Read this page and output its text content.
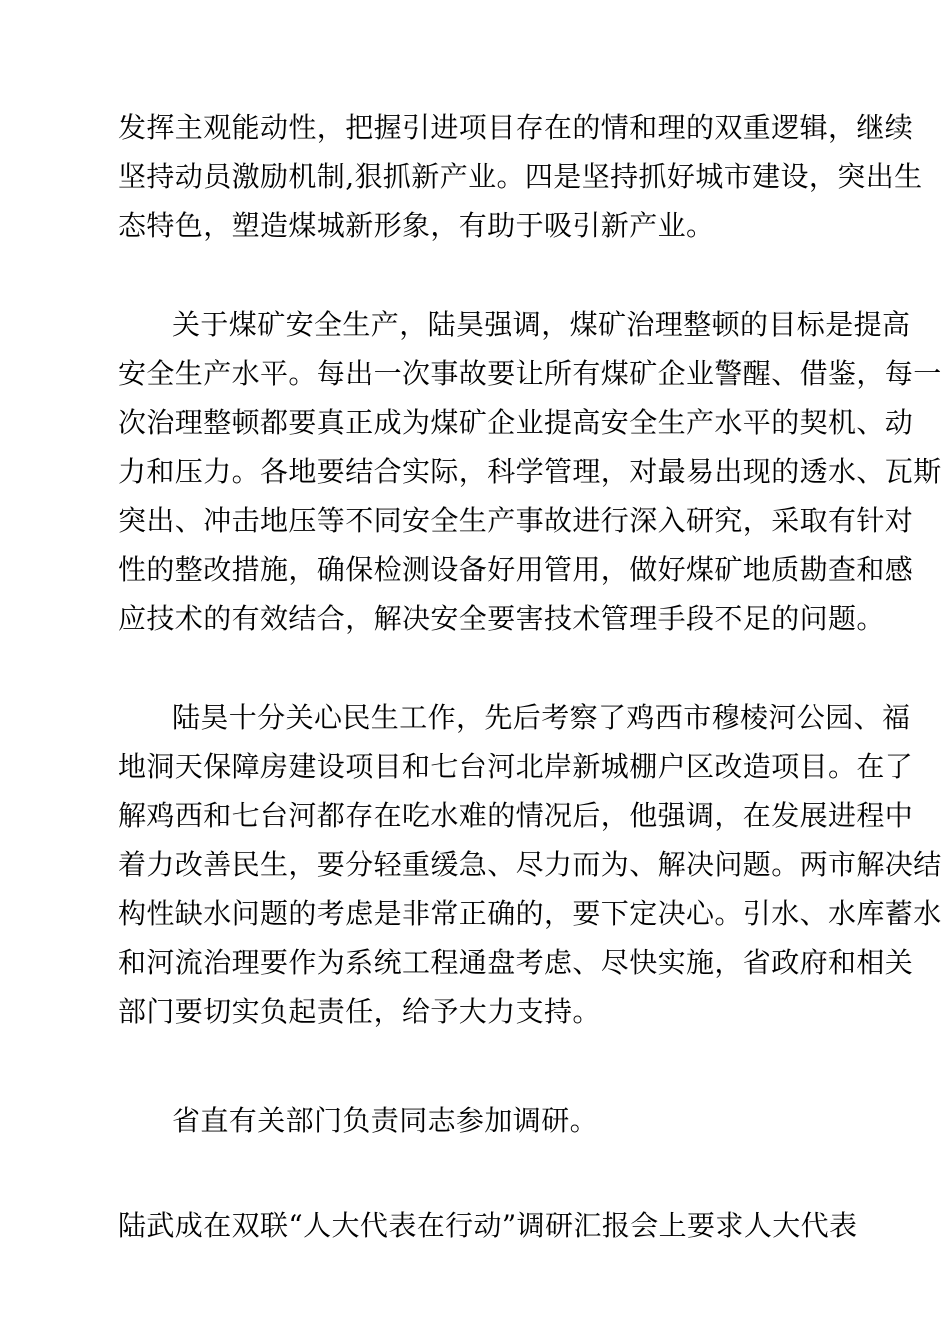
发挥主观能动性，把握引进项目存在的情和理的双重逻辑，继续
坚持动员激励机制,狠抓新产业。四是坚持抓好城市建设，突出生
态特色，塑造煤城新形象，有助于吸引新产业。
关于煤矿安全生产，陆昊强调，煤矿治理整顿的目标是提高
安全生产水平。每出一次事故要让所有煤矿企业警醒、借鉴，每一
次治理整顿都要真正成为煤矿企业提高安全生产水平的契机、动
力和压力。各地要结合实际，科学管理，对最易出现的透水、瓦斯
突出、冲击地压等不同安全生产事故进行深入研究，采取有针对
性的整改措施，确保检测设备好用管用，做好煤矿地质勘查和感
应技术的有效结合，解决安全要害技术管理手段不足的问题。
陆昊十分关心民生工作，先后考察了鸡西市穆棱河公园、福
地洞天保障房建设项目和七台河北岸新城棚户区改造项目。在了
解鸡西和七台河都存在吃水难的情况后，他强调，在发展进程中
着力改善民生，要分轻重缓急、尽力而为、解决问题。两市解决结
构性缺水问题的考虑是非常正确的，要下定决心。引水、水库蓄水
和河流治理要作为系统工程通盘考虑、尽快实施，省政府和相关
部门要切实负起责任，给予大力支持。
省直有关部门负责同志参加调研。
陆武成在双联“人大代表在行动”调研汇报会上要求人大代表
